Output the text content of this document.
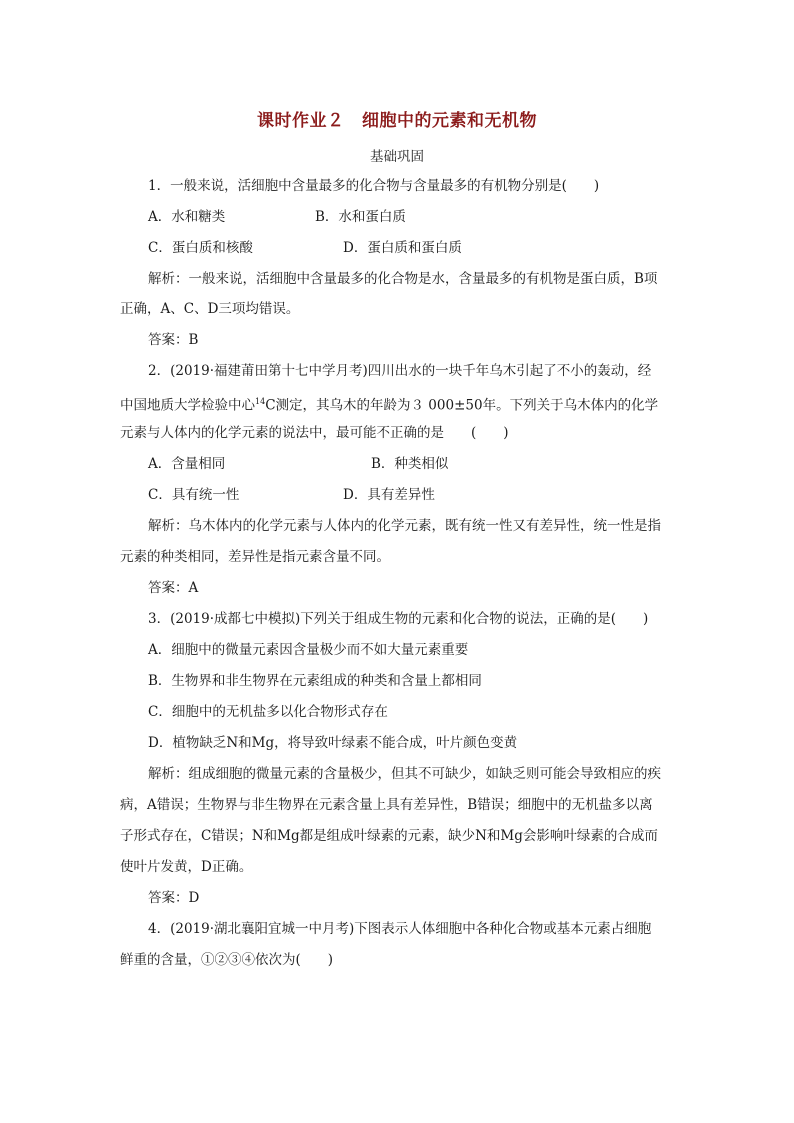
课时作业２　细胞中的元素和无机物
基础巩固
1．一般来说，活细胞中含量最多的化合物与含量最多的有机物分别是(　　)
A．水和糖类	B．水和蛋白质
C．蛋白质和核酸	D．蛋白质和蛋白质
解析：一般来说，活细胞中含量最多的化合物是水，含量最多的有机物是蛋白质，B项
正确，A、C、D三项均错误。
答案：B
2．(2019·福建莆田第十七中学月考)四川出水的一块千年乌木引起了不小的轰动，经
中国地质大学检验中心$^{14}$C测定，其乌木的年龄为３ 000±50年。下列关于乌木体内的化学
元素与人体内的化学元素的说法中，最可能不正确的是　　(　　)
A．含量相同	B．种类相似
C．具有统一性	D．具有差异性
解析：乌木体内的化学元素与人体内的化学元素，既有统一性又有差异性，统一性是指
元素的种类相同，差异性是指元素含量不同。
答案：A
3．(2019·成都七中模拟)下列关于组成生物的元素和化合物的说法，正确的是(　　)
A．细胞中的微量元素因含量极少而不如大量元素重要
B．生物界和非生物界在元素组成的种类和含量上都相同
C．细胞中的无机盐多以化合物形式存在
D．植物缺乏N和Mg，将导致叶绿素不能合成，叶片颜色变黄
解析：组成细胞的微量元素的含量极少，但其不可缺少，如缺乏则可能会导致相应的疾
病，A错误；生物界与非生物界在元素含量上具有差异性，B错误；细胞中的无机盐多以离
子形式存在，C错误；N和Mg都是组成叶绿素的元素，缺少N和Mg会影响叶绿素的合成而
使叶片发黄，D正确。
答案：D
4．(2019·湖北襄阳宜城一中月考)下图表示人体细胞中各种化合物或基本元素占细胞
鲜重的含量，①②③④依次为(　　)
